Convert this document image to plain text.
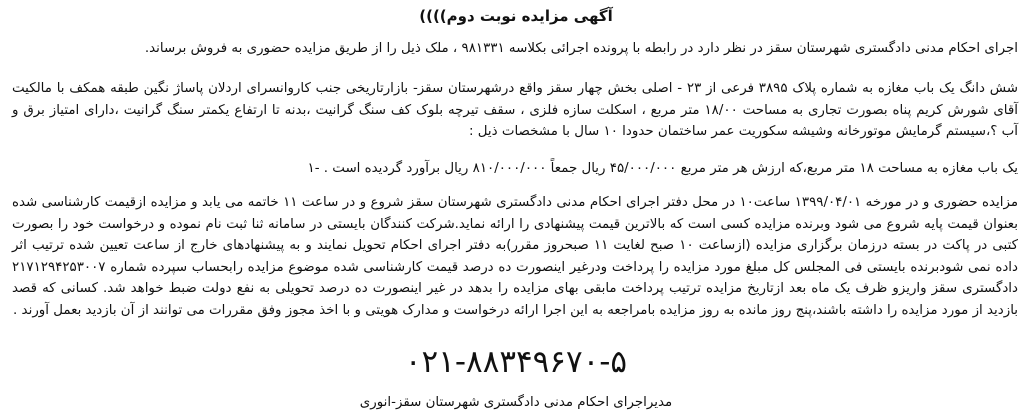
آگهی مزایده نوبت دوم))))
اجرای احکام مدنی دادگستری شهرستان سقز در نظر دارد در رابطه با پرونده اجرائی بکلاسه ۹۸۱۳۳۱ ، ملک ذیل را از طریق مزایده حضوری به فروش برساند.
شش دانگ یک باب مغازه به شماره پلاک ۳۸۹۵ فرعی از ۲۳ - اصلی بخش چهار سقز واقع درشهرستان سقز- بازارتاریخی جنب کاروانسرای اردلان پاساژ نگین طبقه همکف با مالکیت آقای شورش کریم پناه بصورت تجاری به مساحت ۱۸/۰۰ متر مربع ، اسکلت سازه فلزی ، سقف تیرچه بلوک کف سنگ گرانیت ،بدنه تا ارتفاع یکمتر سنگ گرانیت ،دارای امتیاز برق و آب ؟،سیستم گرمایش موتورخانه وشیشه سکوریت عمر ساختمان حدودا ۱۰ سال با مشخصات ذیل :
یک باب مغازه به مساحت ۱۸ متر مربع،که ارزش هر متر مربع ۴۵/۰۰۰/۰۰۰ ریال جمعاً ۸۱۰/۰۰۰/۰۰۰ ریال برآورد گردیده است . -۱
مزایده حضوری و در مورخه ۱۳۹۹/۰۴/۰۱ ساعت۱۰ در محل دفتر اجرای احکام مدنی دادگستری شهرستان سقز شروع و در ساعت ۱۱ خاتمه می یابد و مزایده ازقیمت کارشناسی شده بعنوان قیمت پایه شروع می شود وبرنده مزایده کسی است که بالاترین قیمت پیشنهادی را ارائه نماید.شرکت کنندگان بایستی در سامانه ثنا ثبت نام نموده و درخواست خود را بصورت کتبی در پاکت در بسته درزمان برگزاری مزایده (ازساعت ۱۰ صبح لغایت ۱۱ صبحروز مقرر)به دفتر اجرای احکام تحویل نمایند و به پیشنهادهای خارج از ساعت تعیین شده ترتیب اثر داده نمی شودبرنده بایستی فی المجلس کل مبلغ مورد مزایده را پرداخت ودرغیر اینصورت ده درصد قیمت کارشناسی شده موضوع مزایده رابحساب سپرده شماره ۲۱۷۱۲۹۴۲۵۳۰۰۷ دادگستری سقز واریزو ظرف یک ماه بعد ازتاریخ مزایده ترتیب پرداخت مابقی بهای مزایده را بدهد در غیر اینصورت ده درصد تحویلی به نفع دولت ضبط خواهد شد. کسانی که قصد بازدید از مورد مزایده را داشته باشند،پنج روز مانده به روز مزایده بامراجعه به این اجرا ارائه درخواست و مدارک هویتی و با اخذ مجوز وفق مقررات می توانند از آن بازدید بعمل آورند .
۰۲۱-۸۸۳۴۹۶۷۰-۵
مدیراجرای احکام مدنی دادگستری شهرستان سقز-انوری
